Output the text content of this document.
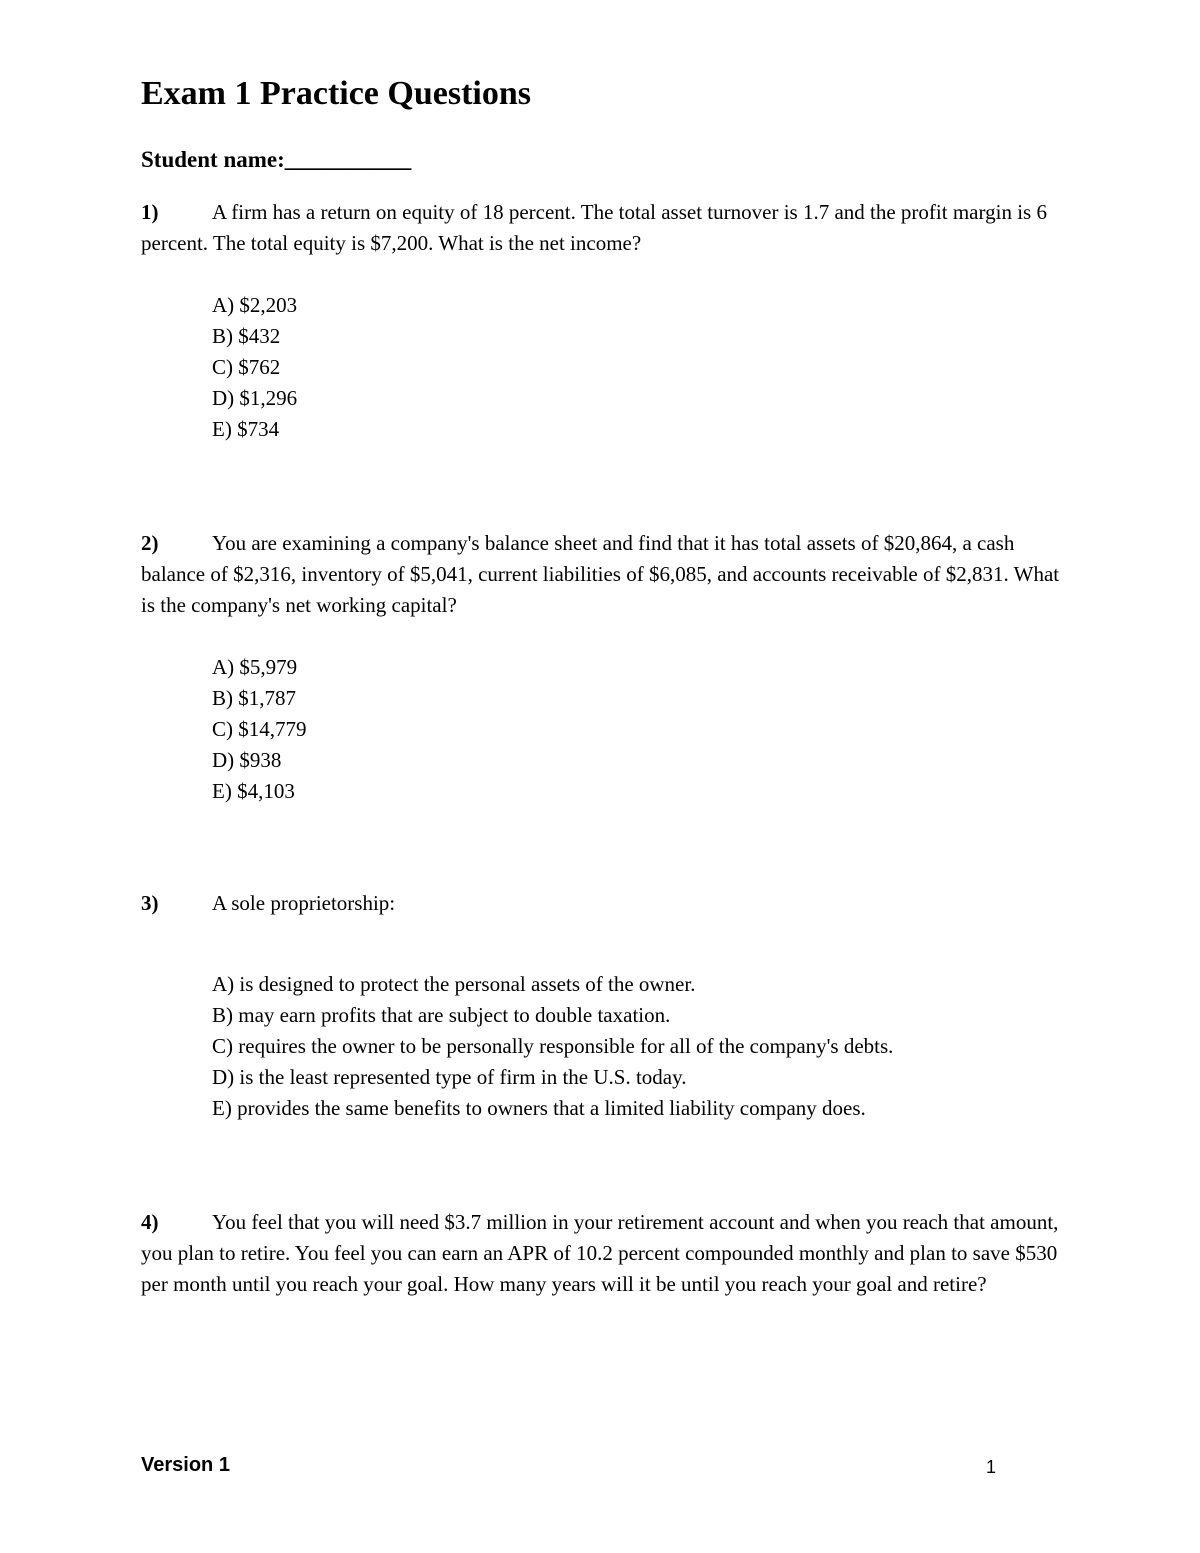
Exam 1 Practice Questions
Student name:___________

1)	A firm has a return on equity of 18 percent. The total asset turnover is 1.7 and the profit margin is 6 percent. The total equity is $7,200. What is the net income?

A) $2,203
B) $432
C) $762
D) $1,296
E) $734

2)	You are examining a company's balance sheet and find that it has total assets of $20,864, a cash balance of $2,316, inventory of $5,041, current liabilities of $6,085, and accounts receivable of $2,831. What is the company's net working capital?

A) $5,979
B) $1,787
C) $14,779
D) $938
E) $4,103

3)	A sole proprietorship:

A) is designed to protect the personal assets of the owner.
B) may earn profits that are subject to double taxation.
C) requires the owner to be personally responsible for all of the company's debts.
D) is the least represented type of firm in the U.S. today.
E) provides the same benefits to owners that a limited liability company does.

4)	You feel that you will need $3.7 million in your retirement account and when you reach that amount, you plan to retire. You feel you can earn an APR of 10.2 percent compounded monthly and plan to save $530 per month until you reach your goal. How many years will it be until you reach your goal and retire?

Version 1	1
